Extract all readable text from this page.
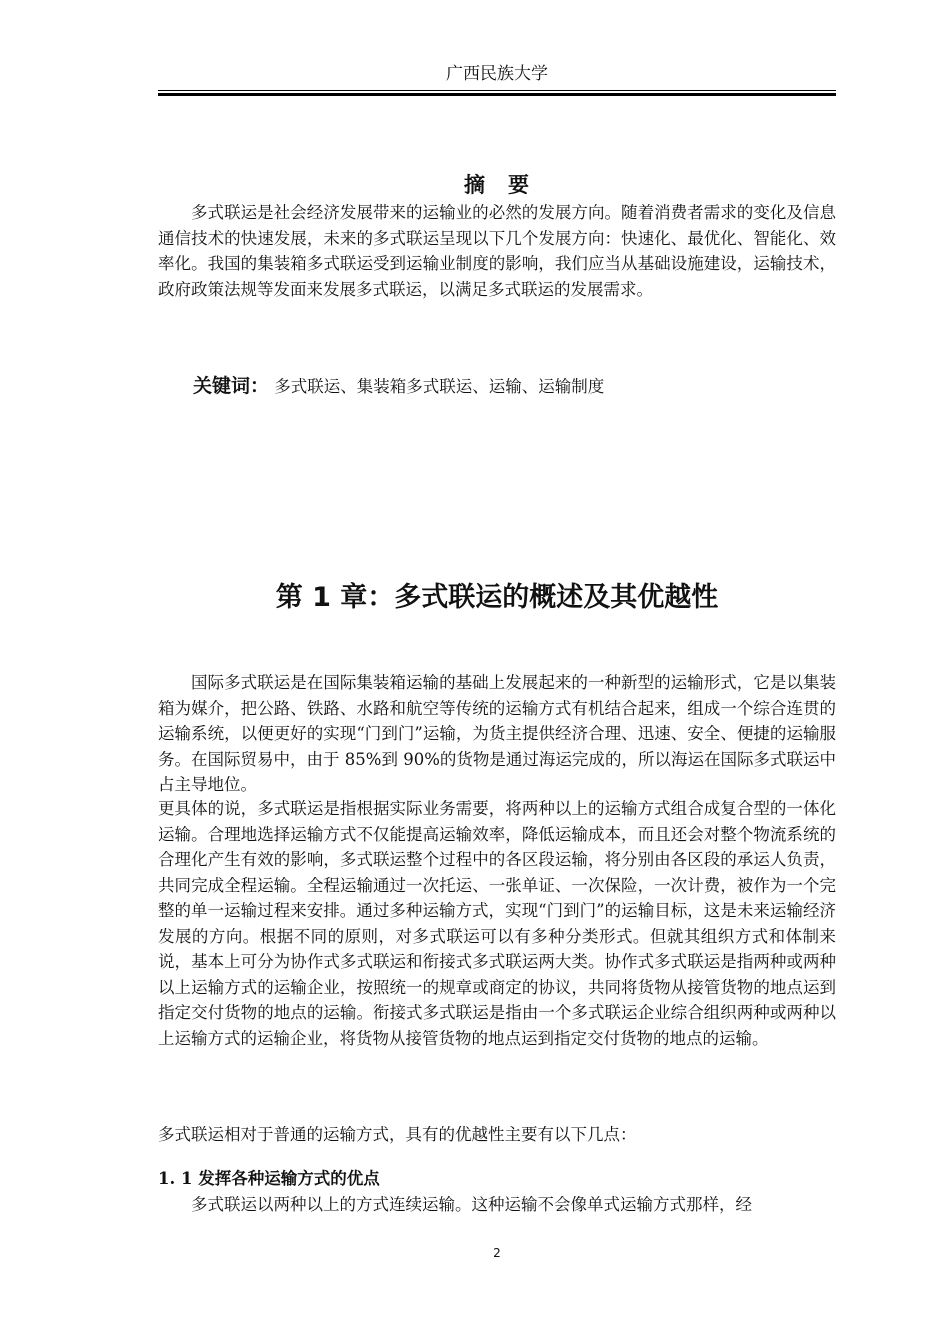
广西民族大学
摘　要
多式联运是社会经济发展带来的运输业的必然的发展方向。随着消费者需求的变化及信息通信技术的快速发展，未来的多式联运呈现以下几个发展方向：快速化、最优化、智能化、效率化。我国的集装箱多式联运受到运输业制度的影响，我们应当从基础设施建设，运输技术，政府政策法规等发面来发展多式联运，以满足多式联运的发展需求。
关键词： 多式联运、集装箱多式联运、运输、运输制度
第 1 章：多式联运的概述及其优越性
国际多式联运是在国际集装箱运输的基础上发展起来的一种新型的运输形式，它是以集装箱为媒介，把公路、铁路、水路和航空等传统的运输方式有机结合起来，组成一个综合连贯的运输系统，以便更好的实现“门到门”运输，为货主提供经济合理、迅速、安全、便捷的运输服务。在国际贸易中，由于 85%到 90%的货物是通过海运完成的，所以海运在国际多式联运中占主导地位。
更具体的说，多式联运是指根据实际业务需要，将两种以上的运输方式组合成复合型的一体化运输。合理地选择运输方式不仅能提高运输效率，降低运输成本，而且还会对整个物流系统的合理化产生有效的影响，多式联运整个过程中的各区段运输，将分别由各区段的承运人负责，共同完成全程运输。全程运输通过一次托运、一张单证、一次保险，一次计费，被作为一个完整的单一运输过程来安排。通过多种运输方式，实现“门到门”的运输目标，这是未来运输经济发展的方向。根据不同的原则，对多式联运可以有多种分类形式。但就其组织方式和体制来说，基本上可分为协作式多式联运和衔接式多式联运两大类。协作式多式联运是指两种或两种以上运输方式的运输企业，按照统一的规章或商定的协议，共同将货物从接管货物的地点运到指定交付货物的地点的运输。衔接式多式联运是指由一个多式联运企业综合组织两种或两种以上运输方式的运输企业，将货物从接管货物的地点运到指定交付货物的地点的运输。
多式联运相对于普通的运输方式，具有的优越性主要有以下几点：
1. 1 发挥各种运输方式的优点
多式联运以两种以上的方式连续运输。这种运输不会像单式运输方式那样，经
2
